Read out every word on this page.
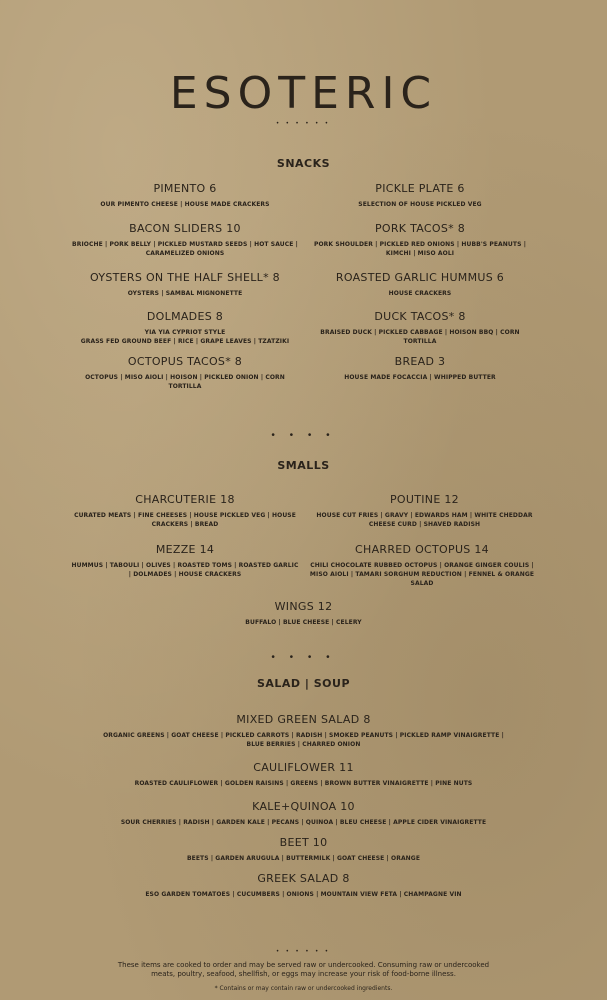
ESOTERIC
• • • • • •
SNACKS
PIMENTO 6
OUR PIMENTO CHEESE | HOUSE MADE CRACKERS
PICKLE PLATE 6
SELECTION OF HOUSE PICKLED VEG
BACON SLIDERS 10
BRIOCHE | PORK BELLY | PICKLED MUSTARD SEEDS | HOT SAUCE | CARAMELIZED ONIONS
PORK TACOS* 8
PORK SHOULDER | PICKLED RED ONIONS | HUBB'S PEANUTS | KIMCHI | MISO AOLI
OYSTERS ON THE HALF SHELL* 8
OYSTERS | SAMBAL MIGNONETTE
ROASTED GARLIC HUMMUS 6
HOUSE CRACKERS
DOLMADES 8
YIA YIA CYPRIOT STYLE
GRASS FED GROUND BEEF | RICE | GRAPE LEAVES | TZATZIKI
DUCK TACOS* 8
BRAISED DUCK | PICKLED CABBAGE | HOISON BBQ | CORN TORTILLA
OCTOPUS TACOS* 8
OCTOPUS | MISO AIOLI | HOISON | PICKLED ONION | CORN TORTILLA
BREAD 3
HOUSE MADE FOCACCIA | WHIPPED BUTTER
• • • •
SMALLS
CHARCUTERIE 18
CURATED MEATS | FINE CHEESES | HOUSE PICKLED VEG | HOUSE CRACKERS | BREAD
POUTINE 12
HOUSE CUT FRIES | GRAVY | EDWARDS HAM | WHITE CHEDDAR CHEESE CURD | SHAVED RADISH
MEZZE 14
HUMMUS | TABOULI | OLIVES | ROASTED TOMS | ROASTED GARLIC | DOLMADES | HOUSE CRACKERS
CHARRED OCTOPUS 14
CHILI CHOCOLATE RUBBED OCTOPUS | ORANGE GINGER COULIS | MISO AIOLI | TAMARI SORGHUM REDUCTION | FENNEL & ORANGE SALAD
WINGS 12
BUFFALO | BLUE CHEESE | CELERY
• • • •
SALAD | SOUP
MIXED GREEN SALAD 8
ORGANIC GREENS | GOAT CHEESE | PICKLED CARROTS | RADISH | SMOKED PEANUTS | PICKLED RAMP VINAIGRETTE | BLUE BERRIES | CHARRED ONION
CAULIFLOWER 11
ROASTED CAULIFLOWER | GOLDEN RAISINS | GREENS | BROWN BUTTER VINAIGRETTE | PINE NUTS
KALE+QUINOA 10
SOUR CHERRIES | RADISH | GARDEN KALE | PECANS | QUINOA | BLEU CHEESE | APPLE CIDER VINAIGRETTE
BEET 10
BEETS | GARDEN ARUGULA | BUTTERMILK | GOAT CHEESE | ORANGE
GREEK SALAD 8
ESO GARDEN TOMATOES | CUCUMBERS | ONIONS | MOUNTAIN VIEW FETA | CHAMPAGNE VIN
• • • • • •
These items are cooked to order and may be served raw or undercooked. Consuming raw or undercooked meats, poultry, seafood, shellfish, or eggs may increase your risk of food-borne illness.
* Contains or may contain raw or undercooked ingredients.
